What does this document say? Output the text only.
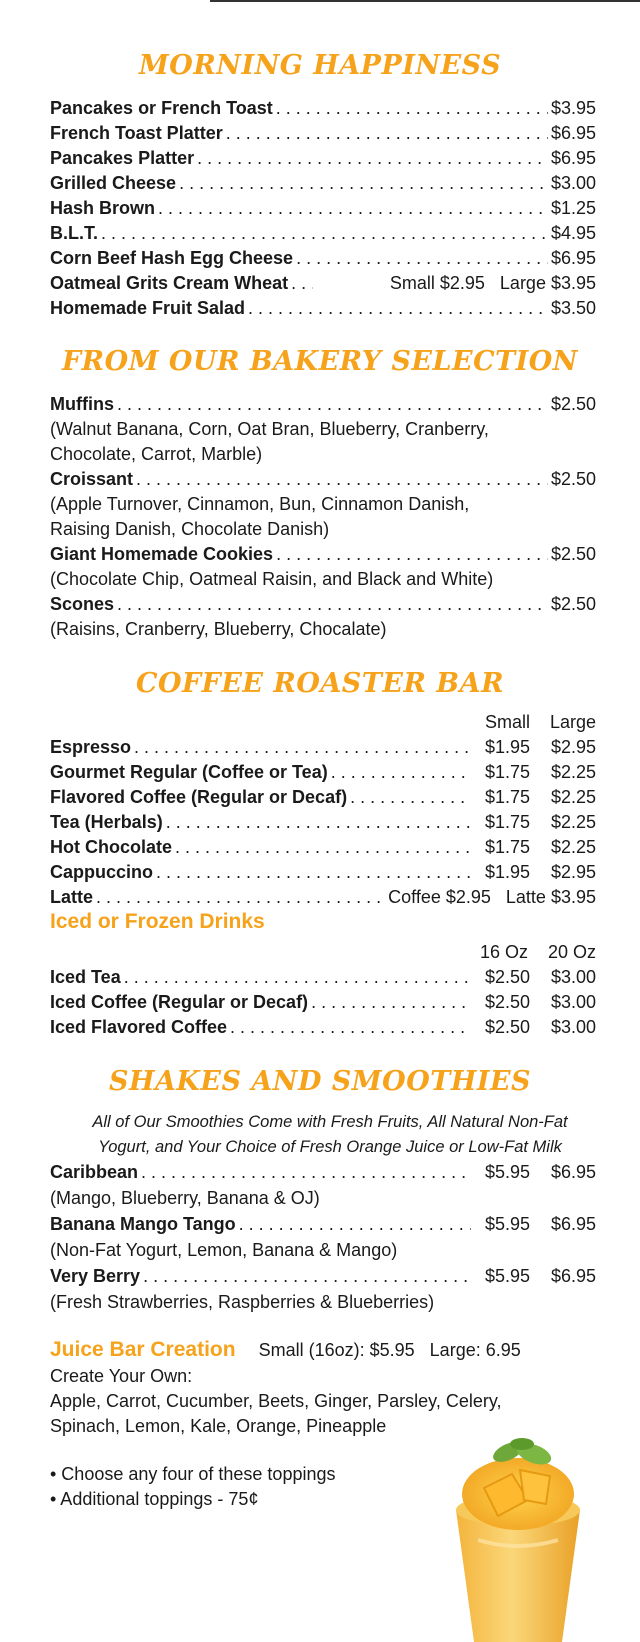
MORNING HAPPINESS
Pancakes or French Toast . . .	$3.95
French Toast Platter . . .	$6.95
Pancakes Platter . . .	$6.95
Grilled Cheese . . .	$3.00
Hash Brown . . .	$1.25
B.L.T. . . .	$4.95
Corn Beef Hash Egg Cheese . . .	$6.95
Oatmeal Grits Cream Wheat . . .	Small $2.95   Large $3.95
Homemade Fruit Salad . . .	$3.50
FROM OUR BAKERY SELECTION
Muffins . . .	$2.50
(Walnut Banana, Corn, Oat Bran, Blueberry, Cranberry,
Chocolate, Carrot, Marble)
Croissant . . .	$2.50
(Apple Turnover, Cinnamon, Bun, Cinnamon Danish,
Raising Danish, Chocolate Danish)
Giant Homemade Cookies . . .	$2.50
(Chocolate Chip, Oatmeal Raisin, and Black and White)
Scones . . .	$2.50
(Raisins, Cranberry, Blueberry, Chocalate)
COFFEE ROASTER BAR
Small Large
Espresso . . .	$1.95	$2.95
Gourmet Regular (Coffee or Tea) . . .	$1.75	$2.25
Flavored Coffee (Regular or Decaf) . . .	$1.75	$2.25
Tea (Herbals) . . .	$1.75	$2.25
Hot Chocolate . . .	$1.75	$2.25
Cappuccino . . .	$1.95	$2.95
Latte . . .	Coffee $2.95   Latte $3.95
Iced or Frozen Drinks
16 Oz 20 Oz
Iced Tea . . .	$2.50	$3.00
Iced Coffee (Regular or Decaf) . . .	$2.50	$3.00
Iced Flavored Coffee . . .	$2.50	$3.00
SHAKES AND SMOOTHIES
All of Our Smoothies Come with Fresh Fruits, All Natural Non-Fat
Yogurt, and Your Choice of Fresh Orange Juice or Low-Fat Milk
Caribbean . . .	$5.95	$6.95
(Mango, Blueberry, Banana & OJ)
Banana Mango Tango . . .	$5.95	$6.95
(Non-Fat Yogurt, Lemon, Banana & Mango)
Very Berry . . .	$5.95	$6.95
(Fresh Strawberries, Raspberries & Blueberries)
Juice Bar Creation Small (16oz): $5.95   Large: 6.95
Create Your Own:
Apple, Carrot, Cucumber, Beets, Ginger, Parsley, Celery,
Spinach, Lemon, Kale, Orange, Pineapple
• Choose any four of these toppings
• Additional toppings - 75¢
